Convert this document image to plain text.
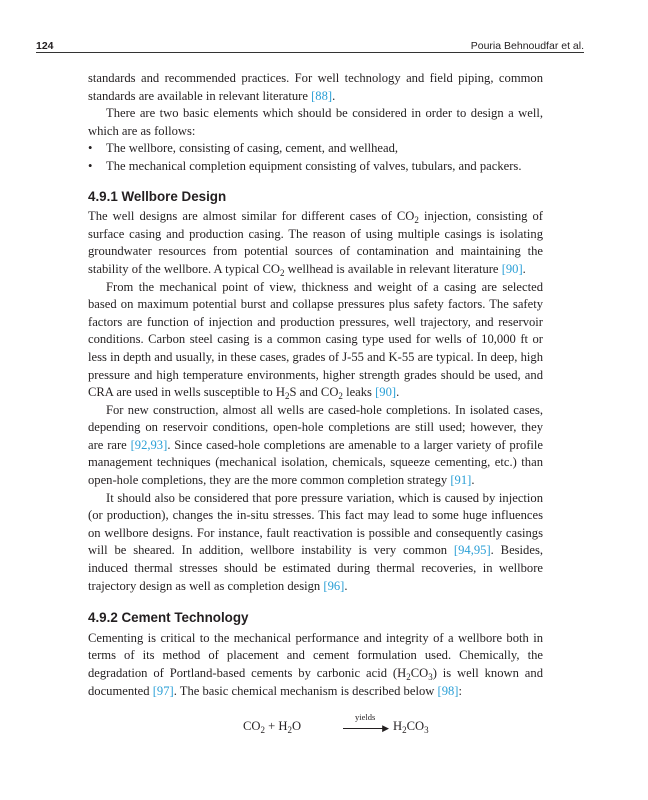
124	Pouria Behnoudfar et al.

standards and recommended practices. For well technology and field piping, common standards are available in relevant literature [88].

There are two basic elements which should be considered in order to design a well, which are as follows:

• The wellbore, consisting of casing, cement, and wellhead,
• The mechanical completion equipment consisting of valves, tubulars, and packers.
4.9.1 Wellbore Design

The well designs are almost similar for different cases of $CO_2$ injection, consisting of surface casing and production casing. The reason of using multiple casings is isolating groundwater resources from potential sources of contamination and maintaining the stability of the wellbore. A typical $CO_2$ wellhead is available in relevant literature [90].

From the mechanical point of view, thickness and weight of a casing are selected based on maximum potential burst and collapse pressures plus safety factors. The safety factors are function of injection and production pressures, well trajectory, and reservoir conditions. Carbon steel casing is a common casing type used for wells of 10,000 ft or less in depth and usually, in these cases, grades of J-55 and K-55 are typical. In deep, high pressure and high temperature environments, higher strength grades should be used, and CRA are used in wells susceptible to $H_2S$ and $CO_2$ leaks [90].

For new construction, almost all wells are cased-hole completions. In isolated cases, depending on reservoir conditions, open-hole completions are still used; however, they are rare [92,93]. Since cased-hole completions are amenable to a larger variety of profile management techniques (mechanical isolation, chemicals, squeeze cementing, etc.) than open-hole completions, they are the more common completion strategy [91].

It should also be considered that pore pressure variation, which is caused by injection (or production), changes the in-situ stresses. This fact may lead to some huge influences on wellbore designs. For instance, fault reactivation is possible and consequently casings will be sheared. In addition, wellbore instability is very common [94,95]. Besides, induced thermal stresses should be estimated during thermal recoveries, in wellbore trajectory design as well as completion design [96].

4.9.2 Cement Technology

Cementing is critical to the mechanical performance and integrity of a wellbore both in terms of its method of placement and cement formulation used. Chemically, the degradation of Portland-based cements by carbonic acid $(H_2CO_3)$ is well known and documented [97]. The basic chemical mechanism is described below [98]:

$CO_2 + H_2O$
yields
▶ $H_2CO_3$
